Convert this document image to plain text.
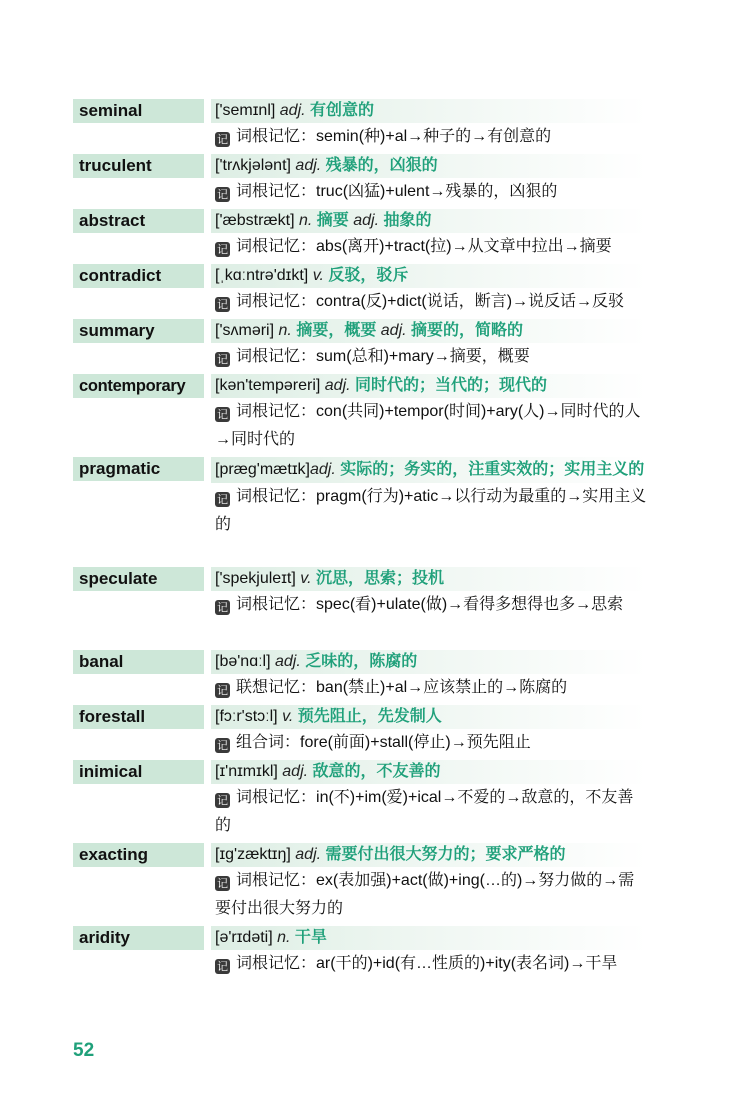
seminal	['semɪnl] adj. 有创意的
记 词根记忆：semin(种)+al→种子的→有创意的
truculent	['trʌkjələnt] adj. 残暴的，凶狠的
记 词根记忆：truc(凶猛)+ulent→残暴的，凶狠的
abstract	['æbstrækt] n. 摘要 adj. 抽象的
记 词根记忆：abs(离开)+tract(拉)→从文章中拉出→摘要
contradict	[ˌkɑːntrə'dɪkt] v. 反驳，驳斥
记 词根记忆：contra(反)+dict(说话，断言)→说反话→反驳
summary	['sʌməri] n. 摘要，概要 adj. 摘要的，简略的
记 词根记忆：sum(总和)+mary→摘要，概要
contemporary	[kən'tempəreri] adj. 同时代的；当代的；现代的
记 词根记忆：con(共同)+tempor(时间)+ary(人)→同时代的人→同时代的
pragmatic	[præg'mætɪk]adj. 实际的；务实的，注重实效的；实用主义的
记 词根记忆：pragm(行为)+atic→以行动为最重的→实用主义的
speculate	['spekjuleɪt] v. 沉思，思索；投机
记 词根记忆：spec(看)+ulate(做)→看得多想得也多→思索
banal	[bə'nɑːl] adj. 乏味的，陈腐的
记 联想记忆：ban(禁止)+al→应该禁止的→陈腐的
forestall	[fɔːr'stɔːl] v. 预先阻止，先发制人
记 组合词：fore(前面)+stall(停止)→预先阻止
inimical	[ɪ'nɪmɪkl] adj. 敌意的，不友善的
记 词根记忆：in(不)+im(爱)+ical→不爱的→敌意的，不友善的
exacting	[ɪg'zæktɪŋ] adj. 需要付出很大努力的；要求严格的
记 词根记忆：ex(表加强)+act(做)+ing(…的)→努力做的→需要付出很大努力的
aridity	[ə'rɪdəti] n. 干旱
记 词根记忆：ar(干的)+id(有…性质的)+ity(表名词)→干旱
52
